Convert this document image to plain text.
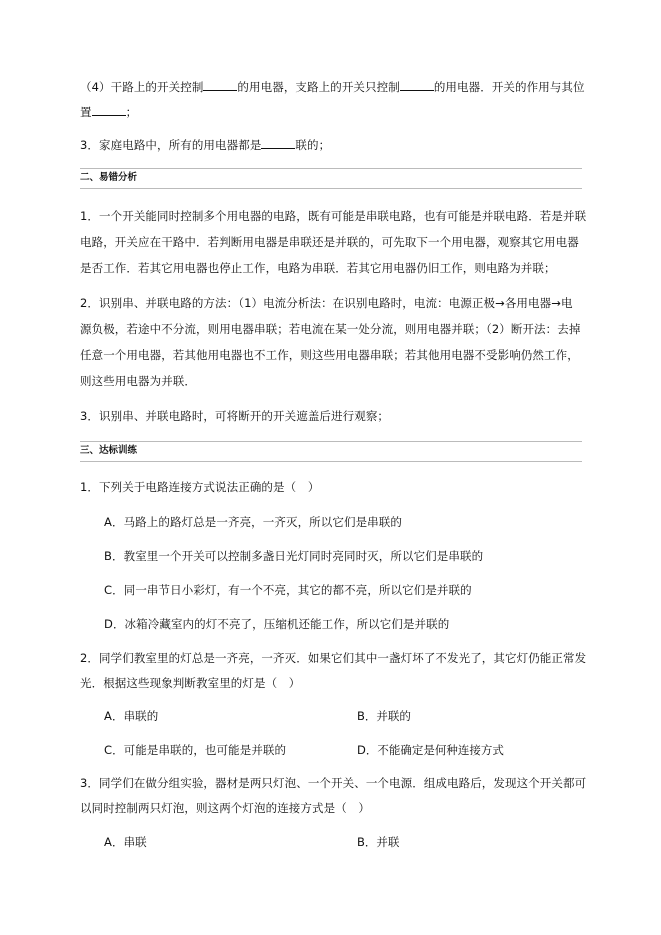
（4）干路上的开关控制	的用电器，支路上的开关只控制	的用电器．开关的作用与其位
置	；
3．家庭电路中，所有的用电器都是	联的；
二、易错分析
1．一个开关能同时控制多个用电器的电路，既有可能是串联电路，也有可能是并联电路．若是并联
电路，开关应在干路中．若判断用电器是串联还是并联的，可先取下一个用电器，观察其它用电器
是否工作．若其它用电器也停止工作，电路为串联．若其它用电器仍旧工作，则电路为并联；
2．识别串、并联电路的方法：（1）电流分析法：在识别电路时，电流：电源正极→各用电器→电
源负极，若途中不分流，则用电器串联；若电流在某一处分流，则用电器并联；（2）断开法：去掉
任意一个用电器，若其他用电器也不工作，则这些用电器串联；若其他用电器不受影响仍然工作，
则这些用电器为并联．
3．识别串、并联电路时，可将断开的开关遮盖后进行观察；
三、达标训练
1．下列关于电路连接方式说法正确的是（　）
A．马路上的路灯总是一齐亮，一齐灭，所以它们是串联的
B．教室里一个开关可以控制多盏日光灯同时亮同时灭，所以它们是串联的
C．同一串节日小彩灯，有一个不亮，其它的都不亮，所以它们是并联的
D．冰箱冷藏室内的灯不亮了，压缩机还能工作，所以它们是并联的
2．同学们教室里的灯总是一齐亮，一齐灭．如果它们其中一盏灯坏了不发光了，其它灯仍能正常发
光．根据这些现象判断教室里的灯是（　）
A．串联的	B．并联的
C．可能是串联的，也可能是并联的	D．不能确定是何种连接方式
3．同学们在做分组实验，器材是两只灯泡、一个开关、一个电源．组成电路后，发现这个开关都可
以同时控制两只灯泡，则这两个灯泡的连接方式是（　）
A．串联	B．并联
